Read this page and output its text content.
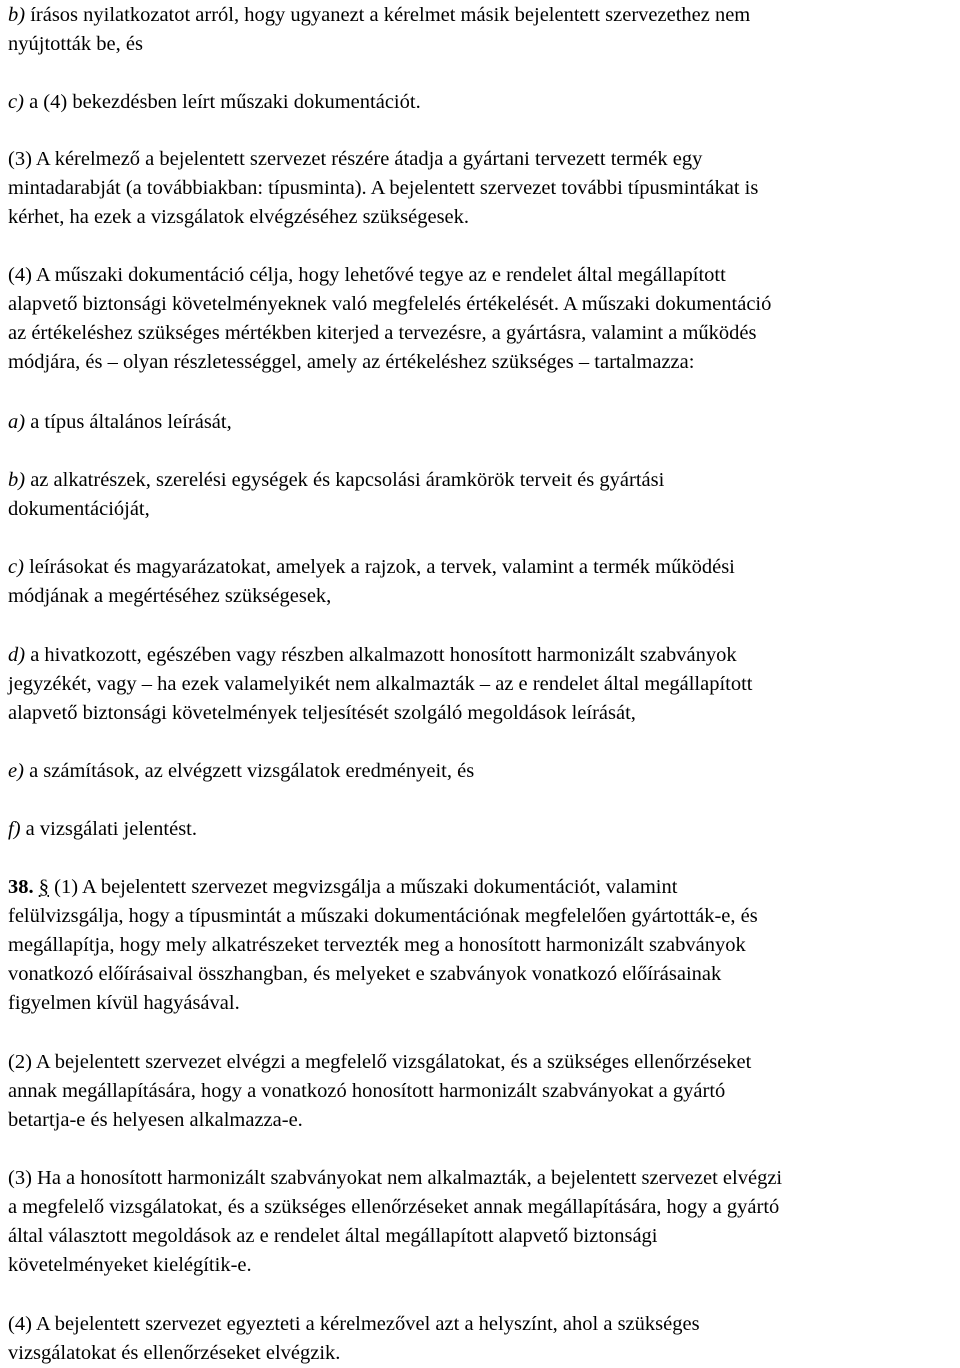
b) írásos nyilatkozatot arról, hogy ugyanezt a kérelmet másik bejelentett szervezethez nem
nyújtották be, és

c) a (4) bekezdésben leírt műszaki dokumentációt.

(3) A kérelmező a bejelentett szervezet részére átadja a gyártani tervezett termék egy
mintadarabját (a továbbiakban: típusminta). A bejelentett szervezet további típusmintákat is
kérhet, ha ezek a vizsgálatok elvégzéséhez szükségesek.

(4) A műszaki dokumentáció célja, hogy lehetővé tegye az e rendelet által megállapított
alapvető biztonsági követelményeknek való megfelelés értékelését. A műszaki dokumentáció
az értékeléshez szükséges mértékben kiterjed a tervezésre, a gyártásra, valamint a működés
módjára, és – olyan részletességgel, amely az értékeléshez szükséges – tartalmazza:

a) a típus általános leírását,

b) az alkatrészek, szerelési egységek és kapcsolási áramkörök terveit és gyártási
dokumentációját,

c) leírásokat és magyarázatokat, amelyek a rajzok, a tervek, valamint a termék működési
módjának a megértéséhez szükségesek,

d) a hivatkozott, egészében vagy részben alkalmazott honosított harmonizált szabványok
jegyzékét, vagy – ha ezek valamelyikét nem alkalmazták – az e rendelet által megállapított
alapvető biztonsági követelmények teljesítését szolgáló megoldások leírását,

e) a számítások, az elvégzett vizsgálatok eredményeit, és

f) a vizsgálati jelentést.

38. § (1) A bejelentett szervezet megvizsgálja a műszaki dokumentációt, valamint
felülvizsgálja, hogy a típusmintát a műszaki dokumentációnak megfelelően gyártották-e, és
megállapítja, hogy mely alkatrészeket tervezték meg a honosított harmonizált szabványok
vonatkozó előírásaival összhangban, és melyeket e szabványok vonatkozó előírásainak
figyelmen kívül hagyásával.

(2) A bejelentett szervezet elvégzi a megfelelő vizsgálatokat, és a szükséges ellenőrzéseket
annak megállapítására, hogy a vonatkozó honosított harmonizált szabványokat a gyártó
betartja-e és helyesen alkalmazza-e.

(3) Ha a honosított harmonizált szabványokat nem alkalmazták, a bejelentett szervezet elvégzi
a megfelelő vizsgálatokat, és a szükséges ellenőrzéseket annak megállapítására, hogy a gyártó
által választott megoldások az e rendelet által megállapított alapvető biztonsági
követelményeket kielégítik-e.

(4) A bejelentett szervezet egyezteti a kérelmezővel azt a helyszínt, ahol a szükséges
vizsgálatokat és ellenőrzéseket elvégzik.
